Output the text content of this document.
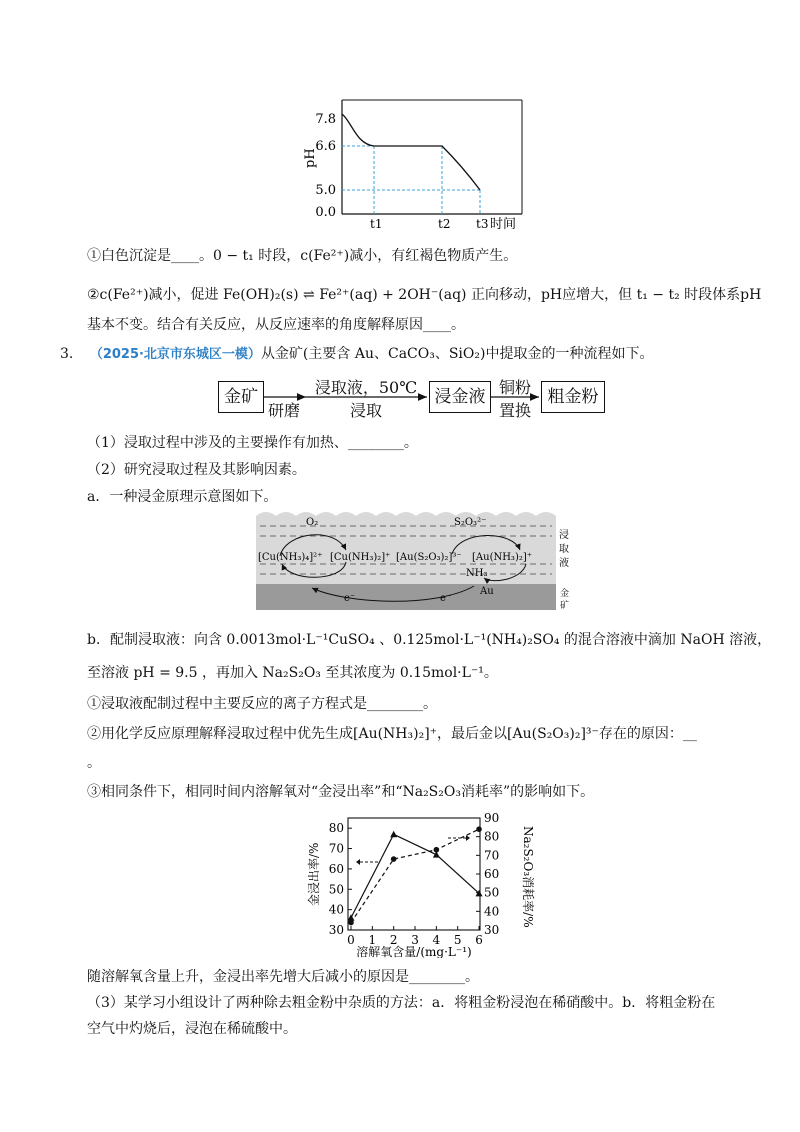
7.8
6.6
5.0
0.0
pH
t1	t2 t3 时间
①白色沉淀是____。0 − t₁ 时段，c(Fe²⁺)减小，有红褐色物质产生。
②c(Fe²⁺)减小，促进 Fe(OH)₂(s) ⇌ Fe²⁺(aq) + 2OH⁻(aq) 正向移动，pH应增大，但 t₁ − t₂ 时段体系pH
基本不变。结合有关反应，从反应速率的角度解释原因____。
3. （2025·北京市东城区一模）从金矿(主要含 Au、CaCO₃、SiO₂)中提取金的一种流程如下。
金矿	浸金液	粗金粉
研磨
浸取液，50℃
浸取
铜粉
置换
（1）浸取过程中涉及的主要操作有加热、________。
（2）研究浸取过程及其影响因素。
a．一种浸金原理示意图如下。
O₂	S₂O₃²⁻
[Cu(NH₃)₄]²⁺ [Cu(NH₃)₂]⁺ [Au(S₂O₃)₂]³⁻ [Au(NH₃)₂]⁺
NH₃
Au
e⁻	e⁻
浸 取 液
金 矿
b．配制浸取液：向含 0.0013mol·L⁻¹CuSO₄ 、0.125mol·L⁻¹(NH₄)₂SO₄ 的混合溶液中滴加 NaOH 溶液，
至溶液 pH = 9.5 ，再加入 Na₂S₂O₃ 至其浓度为 0.15mol·L⁻¹。
①浸取液配制过程中主要反应的离子方程式是________。
②用化学反应原理解释浸取过程中优先生成[Au(NH₃)₂]⁺，最后金以[Au(S₂O₃)₂]³⁻存在的原因：__
。
③相同条件下，相同时间内溶解氧对“金浸出率”和“Na₂S₂O₃消耗率”的影响如下。
30
40
50
60
70
80
30
40
50
60
70
80
90
0 1 2 3 4 5 6
金浸出率/%	Na₂S₂O₃消耗率/%
溶解氧含量/(mg·L⁻¹)
随溶解氧含量上升，金浸出率先增大后减小的原因是________。
（3）某学习小组设计了两种除去粗金粉中杂质的方法：a．将粗金粉浸泡在稀硝酸中。b．将粗金粉在
空气中灼烧后，浸泡在稀硫酸中。
